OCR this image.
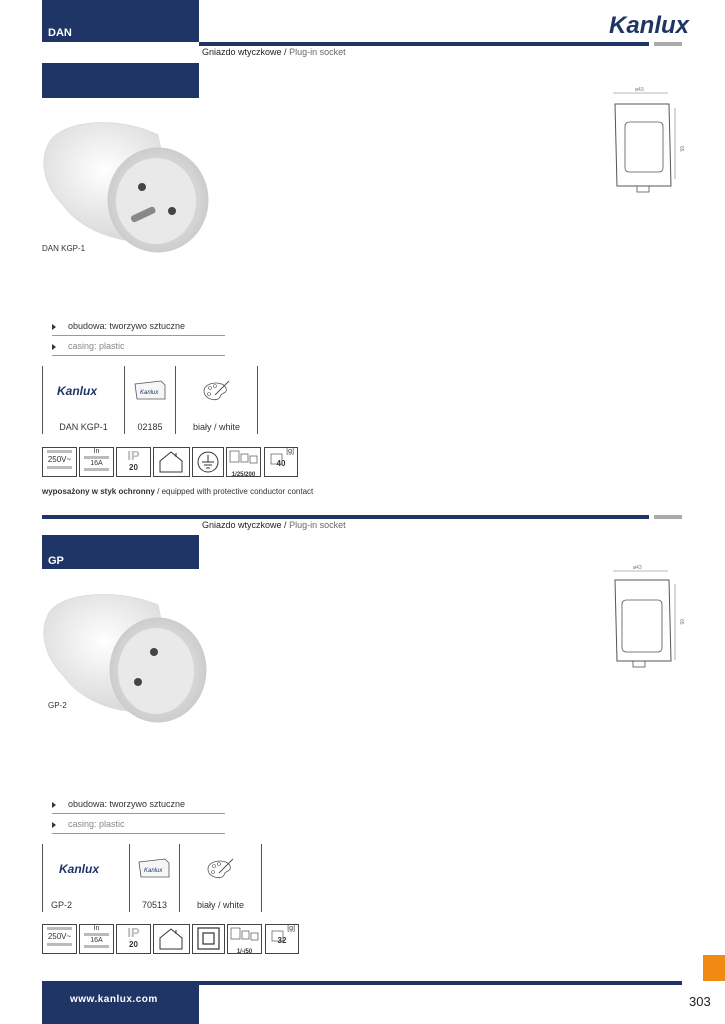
DAN	Kanlux
Gniazdo wtyczkowe / Plug-in socket
DAN KGP-1
ø43
65
obudowa: tworzywo sztuczne
casing: plastic
Kanlux
DAN KGP-1
Kanlux
02185	biały / white
250V~
In
16A
IP
20
1/25/200
[g]
40
wyposażony w styk ochronny / equipped with protective conductor contact
Gniazdo wtyczkowe / Plug-in socket
GP
GP-2
ø43
65
obudowa: tworzywo sztuczne
casing: plastic
Kanlux
GP-2
Kanlux
70513	biały / white
250V~
In
16A
IP
20
1/-/50
[g]
32
www.kanlux.com	303
